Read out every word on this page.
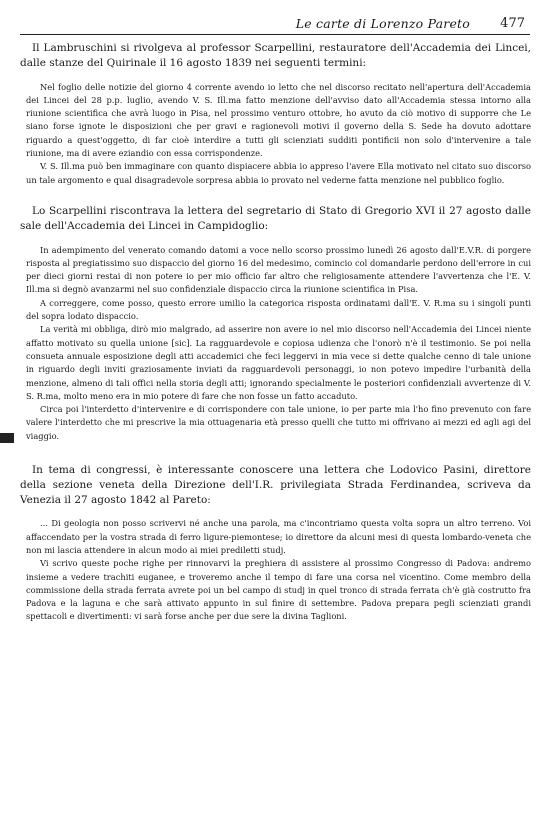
Le carte di Lorenzo Pareto 477

Il Lambruschini si rivolgeva al professor Scarpellini, restauratore dell'Accademia dei Lincei, dalle stanze del Quirinale il 16 agosto 1839 nei seguenti termini:

Nel foglio delle notizie del giorno 4 corrente avendo io letto che nel discorso recitato nell'apertura dell'Accademia dei Lincei del 28 p.p. luglio, avendo V. S. Ill.ma fatto menzione dell'avviso dato all'Accademia stessa intorno alla riunione scientifica che avrà luogo in Pisa, nel prossimo venturo ottobre, ho avuto da ciò motivo di supporre che Le siano forse ignote le disposizioni che per gravi e ragionevoli motivi il governo della S. Sede ha dovuto adottare riguardo a quest'oggetto, di far cioè interdire a tutti gli scienziati sudditi pontificii non solo d'intervenire a tale riunione, ma di avere eziandio con essa corrispondenze.

V. S. Ill.ma può ben immaginare con quanto dispiacere abbia io appreso l'avere Ella motivato nel citato suo discorso un tale argomento e qual disagradevole sorpresa abbia io provato nel vederne fatta menzione nel pubblico foglio.

Lo Scarpellini riscontrava la lettera del segretario di Stato di Gregorio XVI il 27 agosto dalle sale dell'Accademia dei Lincei in Campidoglio:

In adempimento del venerato comando datomi a voce nello scorso prossimo lunedì 26 agosto dall'E.V.R. di porgere risposta al pregiatissimo suo dispaccio del giorno 16 del medesimo, comincio col domandarle perdono dell'errore in cui per dieci giorni restai di non potere io per mio officio far altro che religiosamente attendere l'avvertenza che l'E. V. Ill.ma si degnò avanzarmi nel suo confidenziale dispaccio circa la riunione scientifica in Pisa.

A correggere, come posso, questo errore umilio la categorica risposta ordinatami dall'E. V. R.ma su i singoli punti del sopra lodato dispaccio.

La verità mi obbliga, dirò mio malgrado, ad asserire non avere io nel mio discorso nell'Accademia dei Lincei niente affatto motivato su quella unione [sic]. La ragguardevole e copiosa udienza che l'onorò n'è il testimonio. Se poi nella consueta annuale esposizione degli atti accademici che feci leggervi in mia vece si dette qualche cenno di tale unione in riguardo degli inviti graziosamente inviati da ragguardevoli personaggi, io non potevo impedire l'urbanità della menzione, almeno di tali offici nella storia degli atti; ignorando specialmente le posteriori confidenziali avvertenze di V. S. R.ma, molto meno era in mio potere di fare che non fosse un fatto accaduto.

Circa poi l'interdetto d'intervenire e di corrispondere con tale unione, io per parte mia l'ho fino prevenuto con fare valere l'interdetto che mi prescrive la mia ottuagenaria età presso quelli che tutto mi offrivano ai mezzi ed agli agi del viaggio.

In tema di congressi, è interessante conoscere una lettera che Lodovico Pasini, direttore della sezione veneta della Direzione dell'I.R. privilegiata Strada Ferdinandea, scriveva da Venezia il 27 agosto 1842 al Pareto:

... Di geologia non posso scrivervi né anche una parola, ma c'incontriamo questa volta sopra un altro terreno. Voi affaccendato per la vostra strada di ferro ligure-piemontese; io direttore da alcuni mesi di questa lombardo-veneta che non mi lascia attendere in alcun modo ai miei prediletti studj.

Vi scrivo queste poche righe per rinnovarvi la preghiera di assistere al prossimo Congresso di Padova: andremo insieme a vedere trachiti euganee, e troveremo anche il tempo di fare una corsa nel vicentino. Come membro della commissione della strada ferrata avrete poi un bel campo di studj in quel tronco di strada ferrata ch'è già costrutto fra Padova e la laguna e che sarà attivato appunto in sul finire di settembre. Padova prepara pegli scienziati grandi spettacoli e divertimenti: vi sarà forse anche per due sere la divina Taglioni.
